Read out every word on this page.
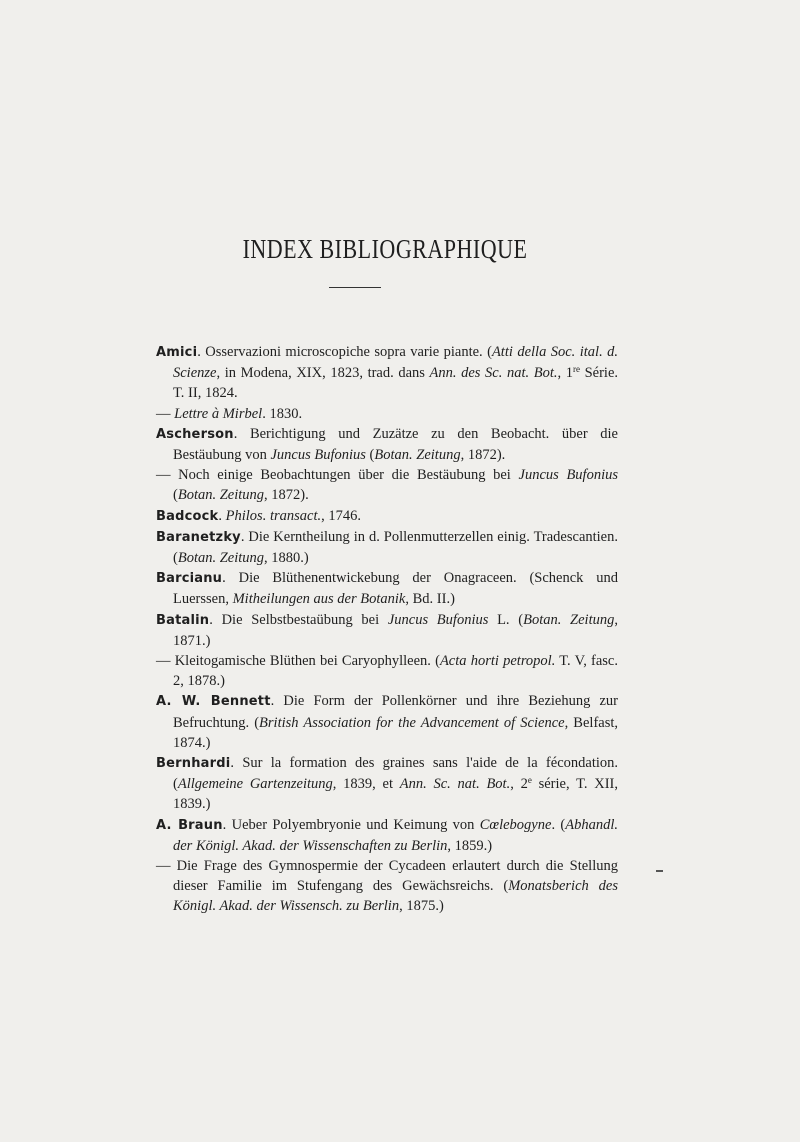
INDEX BIBLIOGRAPHIQUE

Amici. Osservazioni microscopiche sopra varie piante. (Atti della Soc. ital. d. Scienze, in Modena, XIX, 1823, trad. dans Ann. des Sc. nat. Bot., 1re Série. T. II, 1824.

— Lettre à Mirbel. 1830.

Ascherson. Berichtigung und Zuzätze zu den Beobacht. über die Bestäubung von Juncus Bufonius (Botan. Zeitung, 1872).

— Noch einige Beobachtungen über die Bestäubung bei Juncus Bufonius (Botan. Zeitung, 1872).

Badcock. Philos. transact., 1746.

Baranetzky. Die Kerntheilung in d. Pollenmutterzellen einig. Tradescantien. (Botan. Zeitung, 1880.)

Barcianu. Die Blüthenentwickebung der Onagraceen. (Schenck und Luerssen, Mitheilungen aus der Botanik, Bd. II.)

Batalin. Die Selbstbestaübung bei Juncus Bufonius L. (Botan. Zeitung, 1871.)

— Kleitogamische Blüthen bei Caryophylleen. (Acta horti petropol. T. V, fasc. 2, 1878.)

A. W. Bennett. Die Form der Pollenkörner und ihre Beziehung zur Befruchtung. (British Association for the Advancement of Science, Belfast, 1874.)

Bernhardi. Sur la formation des graines sans l'aide de la fécondation. (Allgemeine Gartenzeitung, 1839, et Ann. Sc. nat. Bot., 2e série, T. XII, 1839.)

A. Braun. Ueber Polyembryonie und Keimung von Cœlebogyne. (Abhandl. der Königl. Akad. der Wissenschaften zu Berlin, 1859.)

— Die Frage des Gymnospermie der Cycadeen erlautert durch die Stellung dieser Familie im Stufengang des Gewächsreichs. (Monatsberich des Königl. Akad. der Wissensch. zu Berlin, 1875.)
